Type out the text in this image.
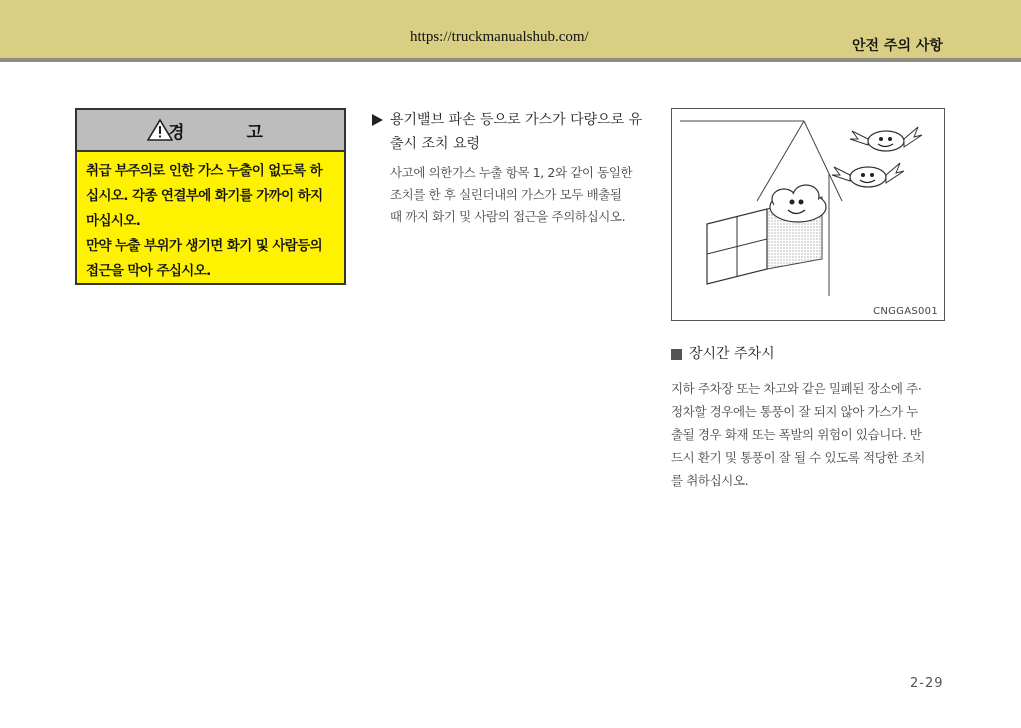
https://truckmanualshub.com/
안전 주의 사항
경 고

취급 부주의로 인한 가스 누출이 없도록 하

십시오. 각종 연결부에 화기를 가까이 하지

마십시오.

만약 누출 부위가 생기면 화기 및 사람등의

접근을 막아 주십시오.

용기밸브 파손 등으로 가스가 다량으로 유
출시 조치 요령
사고에 의한가스 누출 항목 1, 2와 같이 동일한
조치를 한 후 실린더내의 가스가 모두 배출될
때 까지 화기 및 사람의 접근을 주의하십시오.
CNGGAS001
장시간 주차시
지하 주차장 또는 차고와 같은 밀폐된 장소에 주·
정차할 경우에는 통풍이 잘 되지 않아 가스가 누
출될 경우 화재 또는 폭발의 위험이 있습니다. 반
드시 환기 및 통풍이 잘 될 수 있도록 적당한 조치
를 취하십시오.
2-29
